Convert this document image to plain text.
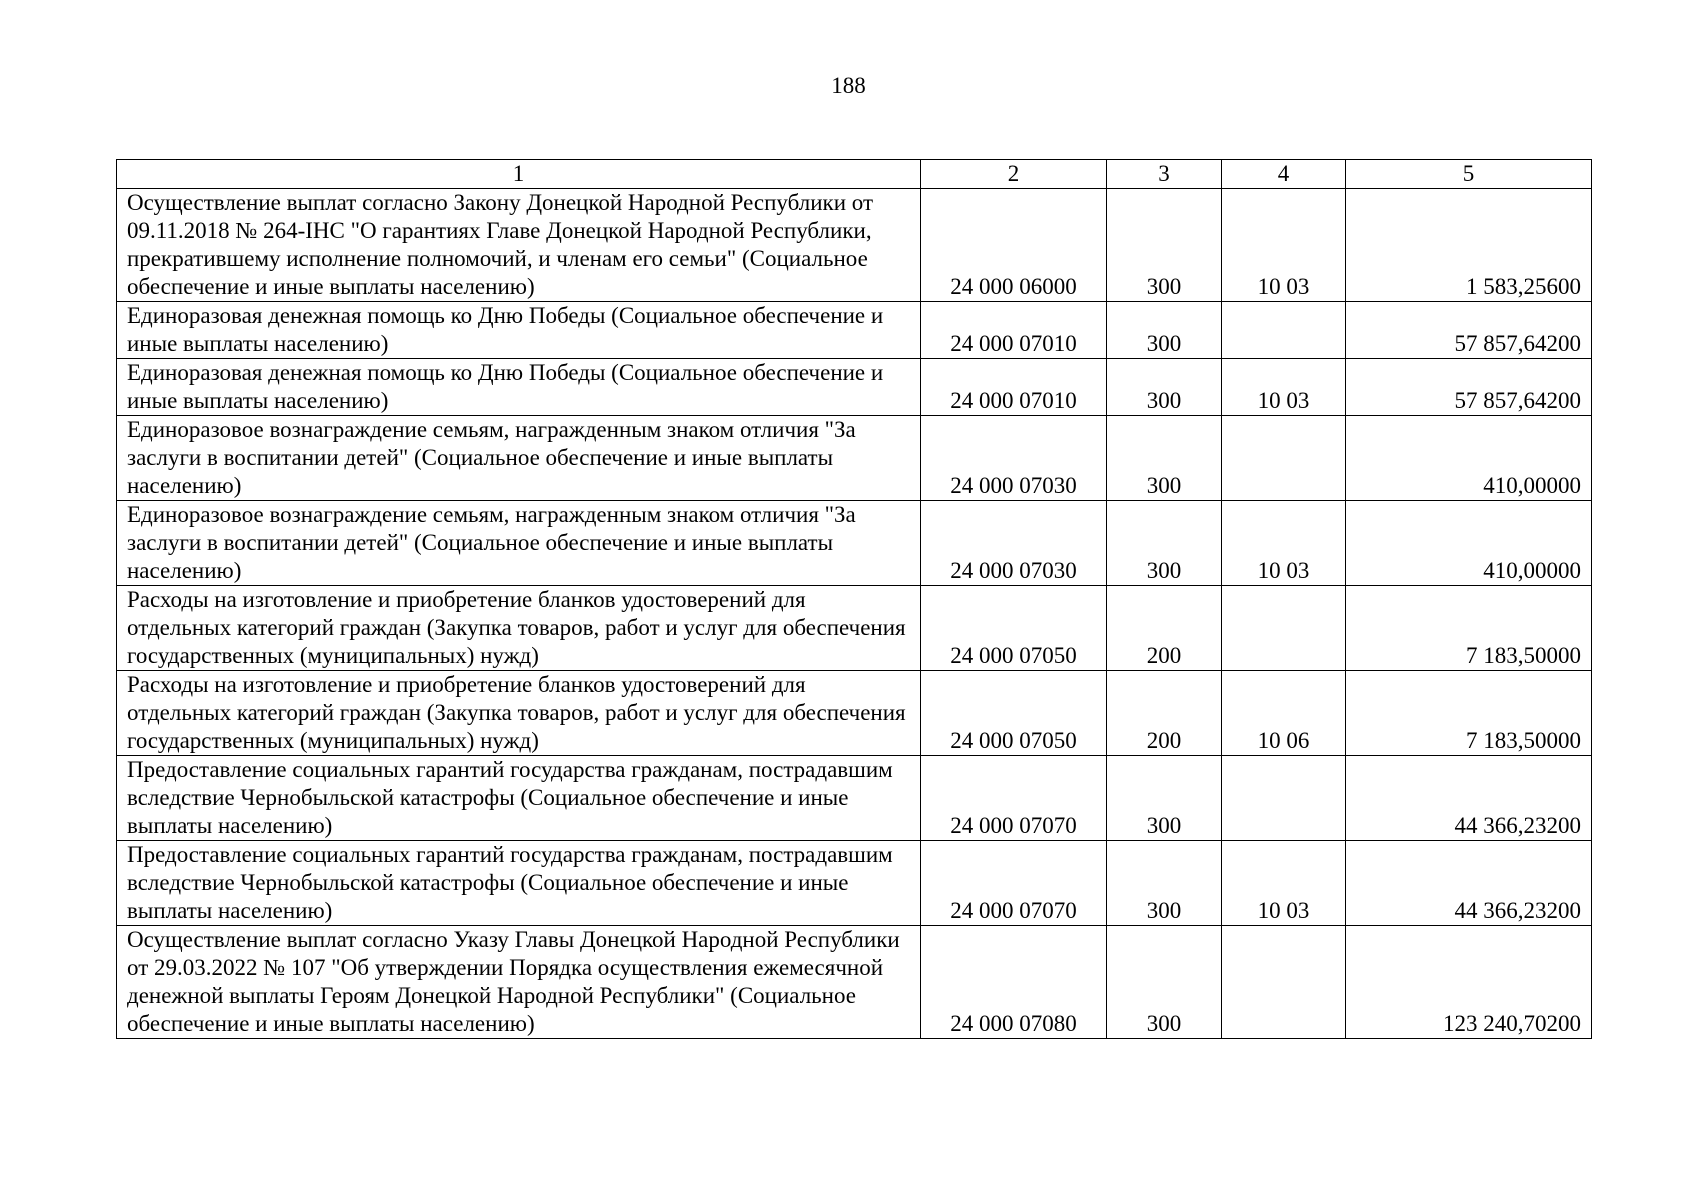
188
1	2	3	4	5
Осуществление выплат согласно Закону Донецкой Народной Республики от 09.11.2018 № 264-IНС "О гарантиях Главе Донецкой Народной Республики, прекратившему исполнение полномочий, и членам его семьи" (Социальное обеспечение и иные выплаты населению)	24 000 06000	300	10 03	1 583,25600
Единоразовая денежная помощь ко Дню Победы (Социальное обеспечение и иные выплаты населению)	24 000 07010	300		57 857,64200
Единоразовая денежная помощь ко Дню Победы (Социальное обеспечение и иные выплаты населению)	24 000 07010	300	10 03	57 857,64200
Единоразовое вознаграждение семьям, награжденным знаком отличия "За заслуги в воспитании детей" (Социальное обеспечение и иные выплаты населению)	24 000 07030	300		410,00000
Единоразовое вознаграждение семьям, награжденным знаком отличия "За заслуги в воспитании детей" (Социальное обеспечение и иные выплаты населению)	24 000 07030	300	10 03	410,00000
Расходы на изготовление и приобретение бланков удостоверений для отдельных категорий граждан (Закупка товаров, работ и услуг для обеспечения государственных (муниципальных) нужд)	24 000 07050	200		7 183,50000
Расходы на изготовление и приобретение бланков удостоверений для отдельных категорий граждан (Закупка товаров, работ и услуг для обеспечения государственных (муниципальных) нужд)	24 000 07050	200	10 06	7 183,50000
Предоставление социальных гарантий государства гражданам, пострадавшим вследствие Чернобыльской катастрофы (Социальное обеспечение и иные выплаты населению)	24 000 07070	300		44 366,23200
Предоставление социальных гарантий государства гражданам, пострадавшим вследствие Чернобыльской катастрофы (Социальное обеспечение и иные выплаты населению)	24 000 07070	300	10 03	44 366,23200
Осуществление выплат согласно Указу Главы Донецкой Народной Республики от 29.03.2022 № 107 "Об утверждении Порядка осуществления ежемесячной денежной выплаты Героям Донецкой Народной Республики" (Социальное обеспечение и иные выплаты населению)	24 000 07080	300		123 240,70200
